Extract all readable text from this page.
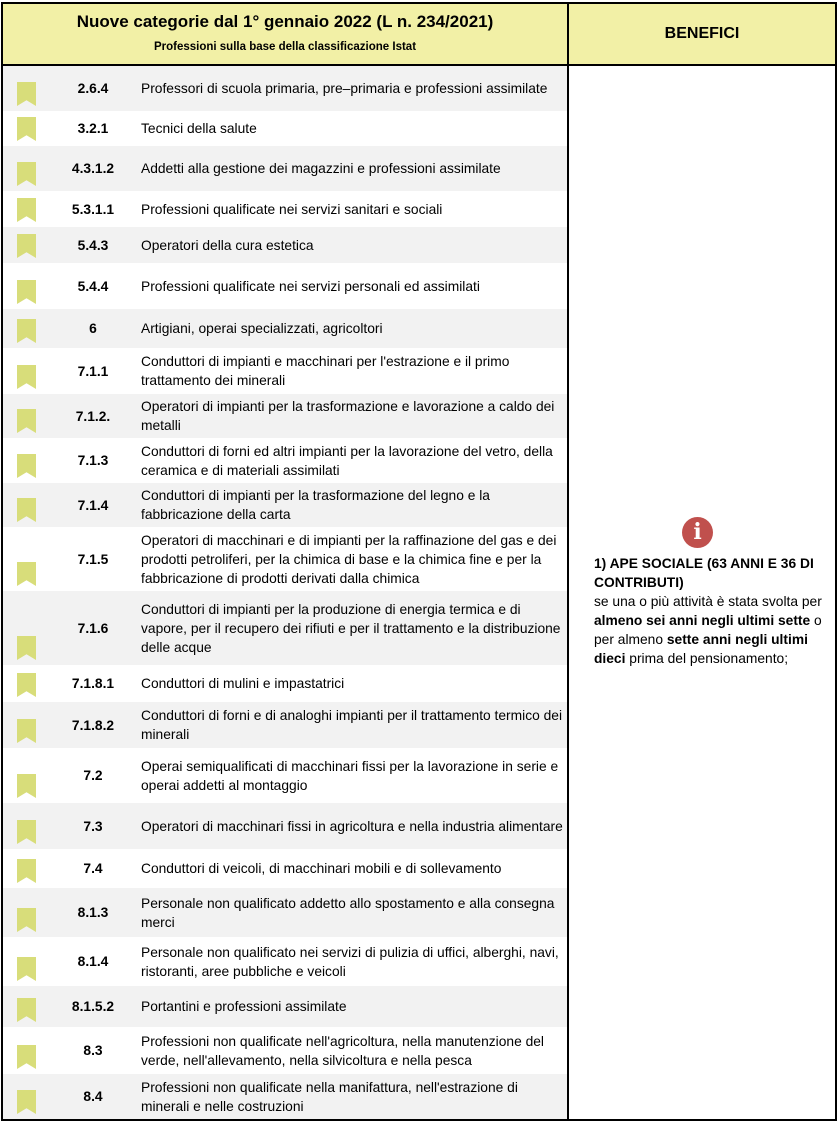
Nuove categorie dal 1° gennaio 2022 (L n. 234/2021)
Professioni sulla base della classificazione Istat			BENEFICI

	2.6.4	Professori di scuola primaria, pre–primaria e professioni assimilate	i
1) APE SOCIALE (63 ANNI E 36 DI CONTRIBUTI)
se una o più attività è stata svolta per almeno sei anni negli ultimi sette o per almeno sette anni negli ultimi dieci prima del pensionamento;

	3.2.1	Tecnici della salute	

	4.3.1.2	Addetti alla gestione dei magazzini e professioni assimilate	

	5.3.1.1	Professioni qualificate nei servizi sanitari e sociali	

	5.4.3	Operatori della cura estetica	

	5.4.4	Professioni qualificate nei servizi personali ed assimilati	

	6	Artigiani, operai specializzati, agricoltori	

	7.1.1	Conduttori di impianti e macchinari per l'estrazione e il primo trattamento dei minerali	

	7.1.2.	Operatori di impianti per la trasformazione e lavorazione a caldo dei metalli	

	7.1.3	Conduttori di forni ed altri impianti per la lavorazione del vetro, della ceramica e di materiali assimilati	

	7.1.4	Conduttori di impianti per la trasformazione del legno e la fabbricazione della carta	

	7.1.5	Operatori di macchinari e di impianti per la raffinazione del gas e dei prodotti petroliferi, per la chimica di base e la chimica fine e per la fabbricazione di prodotti derivati dalla chimica	

	7.1.6	Conduttori di impianti per la produzione di energia termica e di vapore, per il recupero dei rifiuti e per il trattamento e la distribuzione delle acque	

	7.1.8.1	Conduttori di mulini e impastatrici	

	7.1.8.2	Conduttori di forni e di analoghi impianti per il trattamento termico dei minerali	

	7.2	Operai semiqualificati di macchinari fissi per la lavorazione in serie e operai addetti al montaggio	

	7.3	Operatori di macchinari fissi in agricoltura e nella industria alimentare	

	7.4	Conduttori di veicoli, di macchinari mobili e di sollevamento	

	8.1.3	Personale non qualificato addetto allo spostamento e alla consegna merci	

	8.1.4	Personale non qualificato nei servizi di pulizia di uffici, alberghi, navi, ristoranti, aree pubbliche e veicoli	

	8.1.5.2	Portantini e professioni assimilate	

	8.3	Professioni non qualificate nell'agricoltura, nella manutenzione del verde, nell'allevamento, nella silvicoltura e nella pesca	

	8.4	Professioni non qualificate nella manifattura, nell'estrazione di minerali e nelle costruzioni	
